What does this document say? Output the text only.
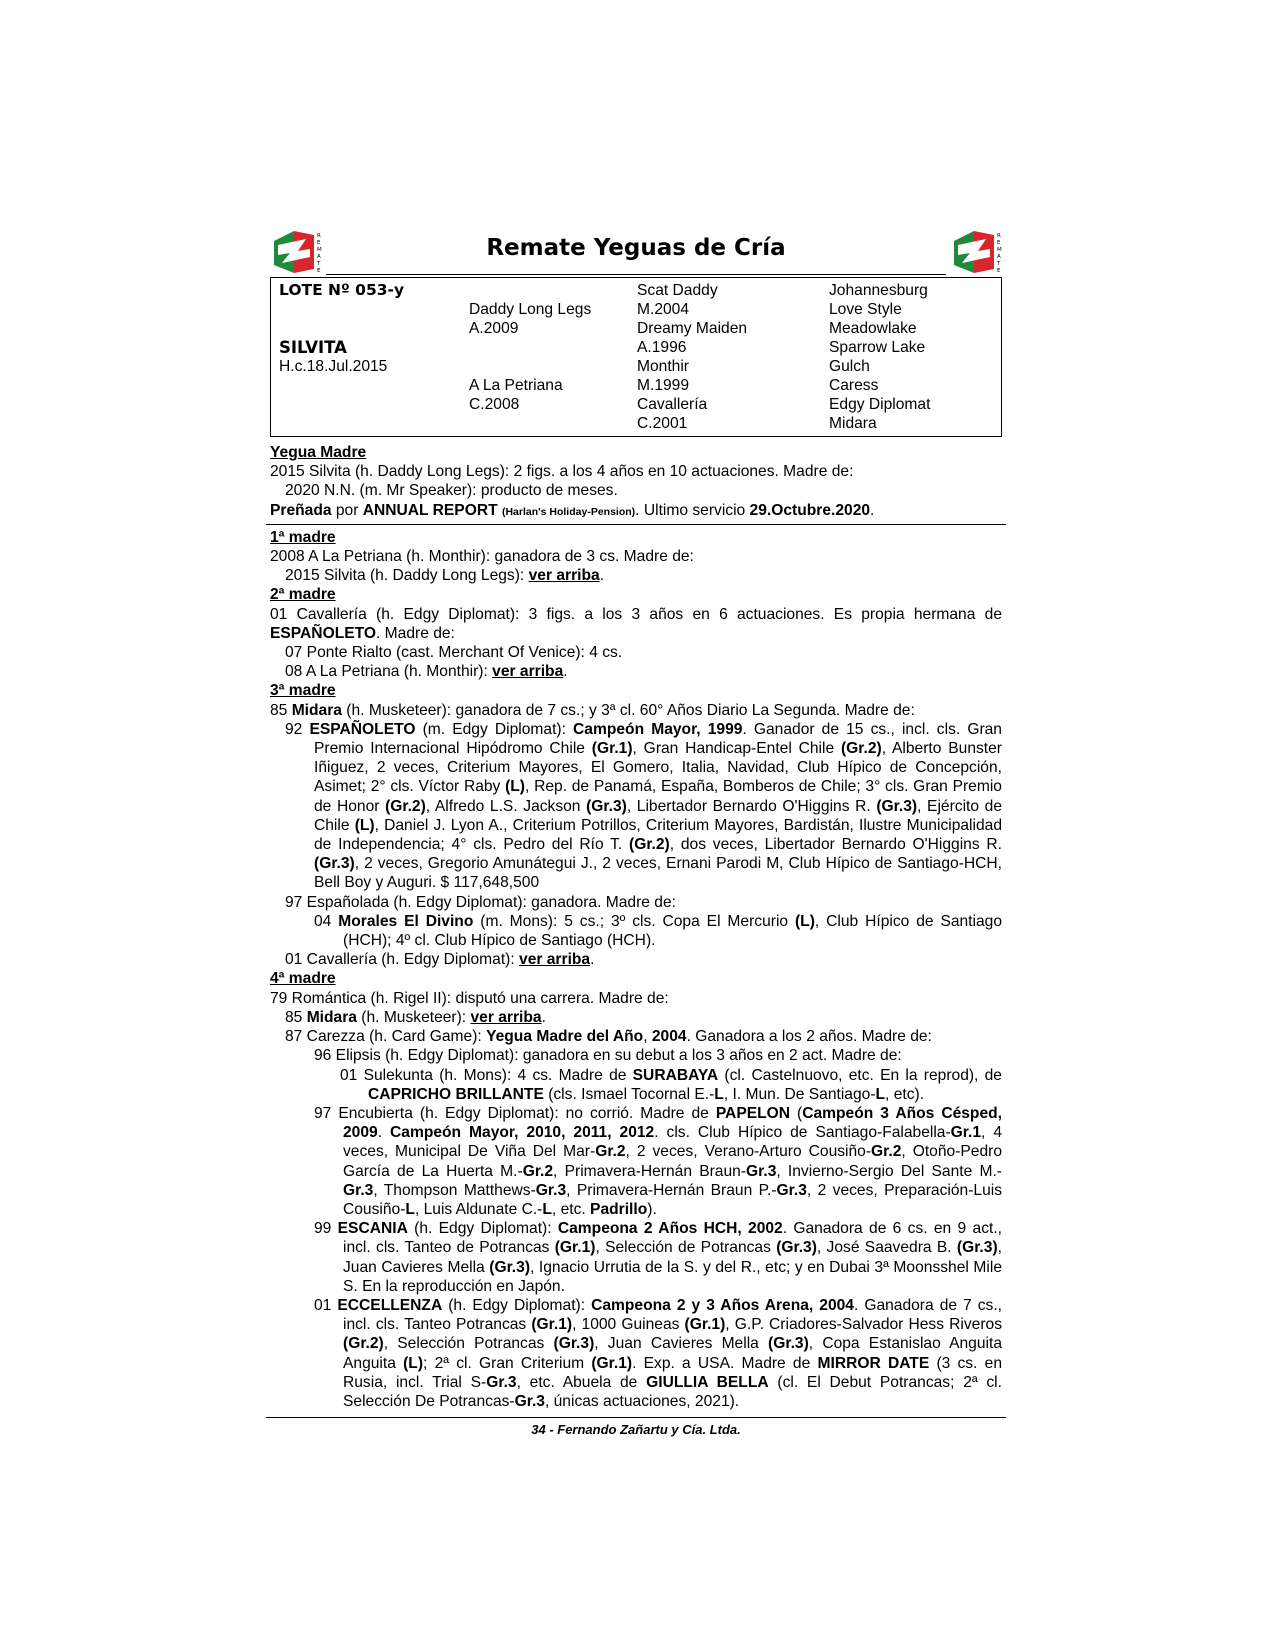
R
E
M
A
T
E
Remate Yeguas de Cría	R
E
M
A
T
E
LOTE Nº 053-y
SILVITA
H.c.18.Jul.2015
Daddy Long Legs
A.2009
A La Petriana
C.2008
Scat Daddy
M.2004
Dreamy Maiden
A.1996
Monthir
M.1999
Cavallería
C.2001
Johannesburg
Love Style
Meadowlake
Sparrow Lake
Gulch
Caress
Edgy Diplomat
Midara

Yegua Madre

2015 Silvita (h. Daddy Long Legs): 2 figs. a los 4 años en 10 actuaciones. Madre de:

2020 N.N. (m. Mr Speaker): producto de meses.

Preñada por ANNUAL REPORT (Harlan's Holiday-Pension). Ultimo servicio 29.Octubre.2020.

1ª madre

2008 A La Petriana (h. Monthir): ganadora de 3 cs. Madre de:

2015 Silvita (h. Daddy Long Legs): ver arriba.

2ª madre

01 Cavallería (h. Edgy Diplomat): 3 figs. a los 3 años en 6 actuaciones. Es propia hermana de ESPAÑOLETO. Madre de:

07 Ponte Rialto (cast. Merchant Of Venice): 4 cs.

08 A La Petriana (h. Monthir): ver arriba.

3ª madre

85 Midara (h. Musketeer): ganadora de 7 cs.; y 3ª cl. 60° Años Diario La Segunda. Madre de:

92 ESPAÑOLETO (m. Edgy Diplomat): Campeón Mayor, 1999. Ganador de 15 cs., incl. cls. Gran Premio Internacional Hipódromo Chile (Gr.1), Gran Handicap-Entel Chile (Gr.2), Alberto Bunster Iñiguez, 2 veces, Criterium Mayores, El Gomero, Italia, Navidad, Club Hípico de Concepción, Asimet; 2° cls. Víctor Raby (L), Rep. de Panamá, España, Bomberos de Chile; 3° cls. Gran Premio de Honor (Gr.2), Alfredo L.S. Jackson (Gr.3), Libertador Bernardo O'Higgins R. (Gr.3), Ejército de Chile (L), Daniel J. Lyon A., Criterium Potrillos, Criterium Mayores, Bardistán, Ilustre Municipalidad de Independencia; 4° cls. Pedro del Río T. (Gr.2), dos veces, Libertador Bernardo O'Higgins R. (Gr.3), 2 veces, Gregorio Amunátegui J., 2 veces, Ernani Parodi M, Club Hípico de Santiago-HCH, Bell Boy y Auguri. $ 117,648,500

97 Españolada (h. Edgy Diplomat): ganadora. Madre de:

04 Morales El Divino (m. Mons): 5 cs.; 3º cls. Copa El Mercurio (L), Club Hípico de Santiago (HCH); 4º cl. Club Hípico de Santiago (HCH).

01 Cavallería (h. Edgy Diplomat): ver arriba.

4ª madre

79 Romántica (h. Rigel II): disputó una carrera. Madre de:

85 Midara (h. Musketeer): ver arriba.

87 Carezza (h. Card Game): Yegua Madre del Año, 2004. Ganadora a los 2 años. Madre de:

96 Elipsis (h. Edgy Diplomat): ganadora en su debut a los 3 años en 2 act. Madre de:

01 Sulekunta (h. Mons): 4 cs. Madre de SURABAYA (cl. Castelnuovo, etc. En la reprod), de CAPRICHO BRILLANTE (cls. Ismael Tocornal E.-L, I. Mun. De Santiago-L, etc).

97 Encubierta (h. Edgy Diplomat): no corrió. Madre de PAPELON (Campeón 3 Años Césped, 2009. Campeón Mayor, 2010, 2011, 2012. cls. Club Hípico de Santiago-Falabella-Gr.1, 4 veces, Municipal De Viña Del Mar-Gr.2, 2 veces, Verano-Arturo Cousiño-Gr.2, Otoño-Pedro García de La Huerta M.-Gr.2, Primavera-Hernán Braun-Gr.3, Invierno-Sergio Del Sante M.-Gr.3, Thompson Matthews-Gr.3, Primavera-Hernán Braun P.-Gr.3, 2 veces, Preparación-Luis Cousiño-L, Luis Aldunate C.-L, etc. Padrillo).

99 ESCANIA (h. Edgy Diplomat): Campeona 2 Años HCH, 2002. Ganadora de 6 cs. en 9 act., incl. cls. Tanteo de Potrancas (Gr.1), Selección de Potrancas (Gr.3), José Saavedra B. (Gr.3), Juan Cavieres Mella (Gr.3), Ignacio Urrutia de la S. y del R., etc; y en Dubai 3ª Moonsshel Mile S. En la reproducción en Japón.

01 ECCELLENZA (h. Edgy Diplomat): Campeona 2 y 3 Años Arena, 2004. Ganadora de 7 cs., incl. cls. Tanteo Potrancas (Gr.1), 1000 Guineas (Gr.1), G.P. Criadores-Salvador Hess Riveros (Gr.2), Selección Potrancas (Gr.3), Juan Cavieres Mella (Gr.3), Copa Estanislao Anguita Anguita (L); 2ª cl. Gran Criterium (Gr.1). Exp. a USA. Madre de MIRROR DATE (3 cs. en Rusia, incl. Trial S-Gr.3, etc. Abuela de GIULLIA BELLA (cl. El Debut Potrancas; 2ª cl. Selección De Potrancas-Gr.3, únicas actuaciones, 2021).

34 - Fernando Zañartu y Cía. Ltda.
